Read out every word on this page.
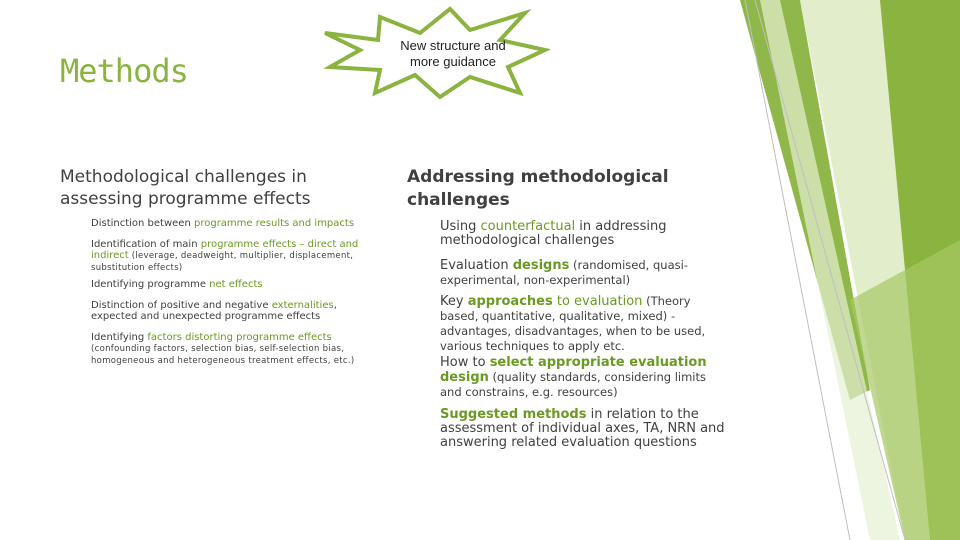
New structure and more guidance
Methods
Methodological challenges in assessing programme effects
Distinction between programme results and impacts
Identification of main programme effects – direct and indirect (leverage, deadweight, multiplier, displacement, substitution effects)
Identifying programme net effects
Distinction of positive and negative externalities, expected and unexpected programme effects
Identifying factors distorting programme effects
(confounding factors, selection bias, self-selection bias, homogeneous and heterogeneous treatment effects, etc.)
Addressing methodological challenges
Using counterfactual in addressing methodological challenges
Evaluation designs (randomised, quasi-experimental, non-experimental)
Key approaches to evaluation (Theory based, quantitative, qualitative, mixed) - advantages, disadvantages, when to be used, various techniques to apply etc.
How to select appropriate evaluation design (quality standards, considering limits and constrains, e.g. resources)
Suggested methods in relation to the assessment of individual axes, TA, NRN and answering related evaluation questions
